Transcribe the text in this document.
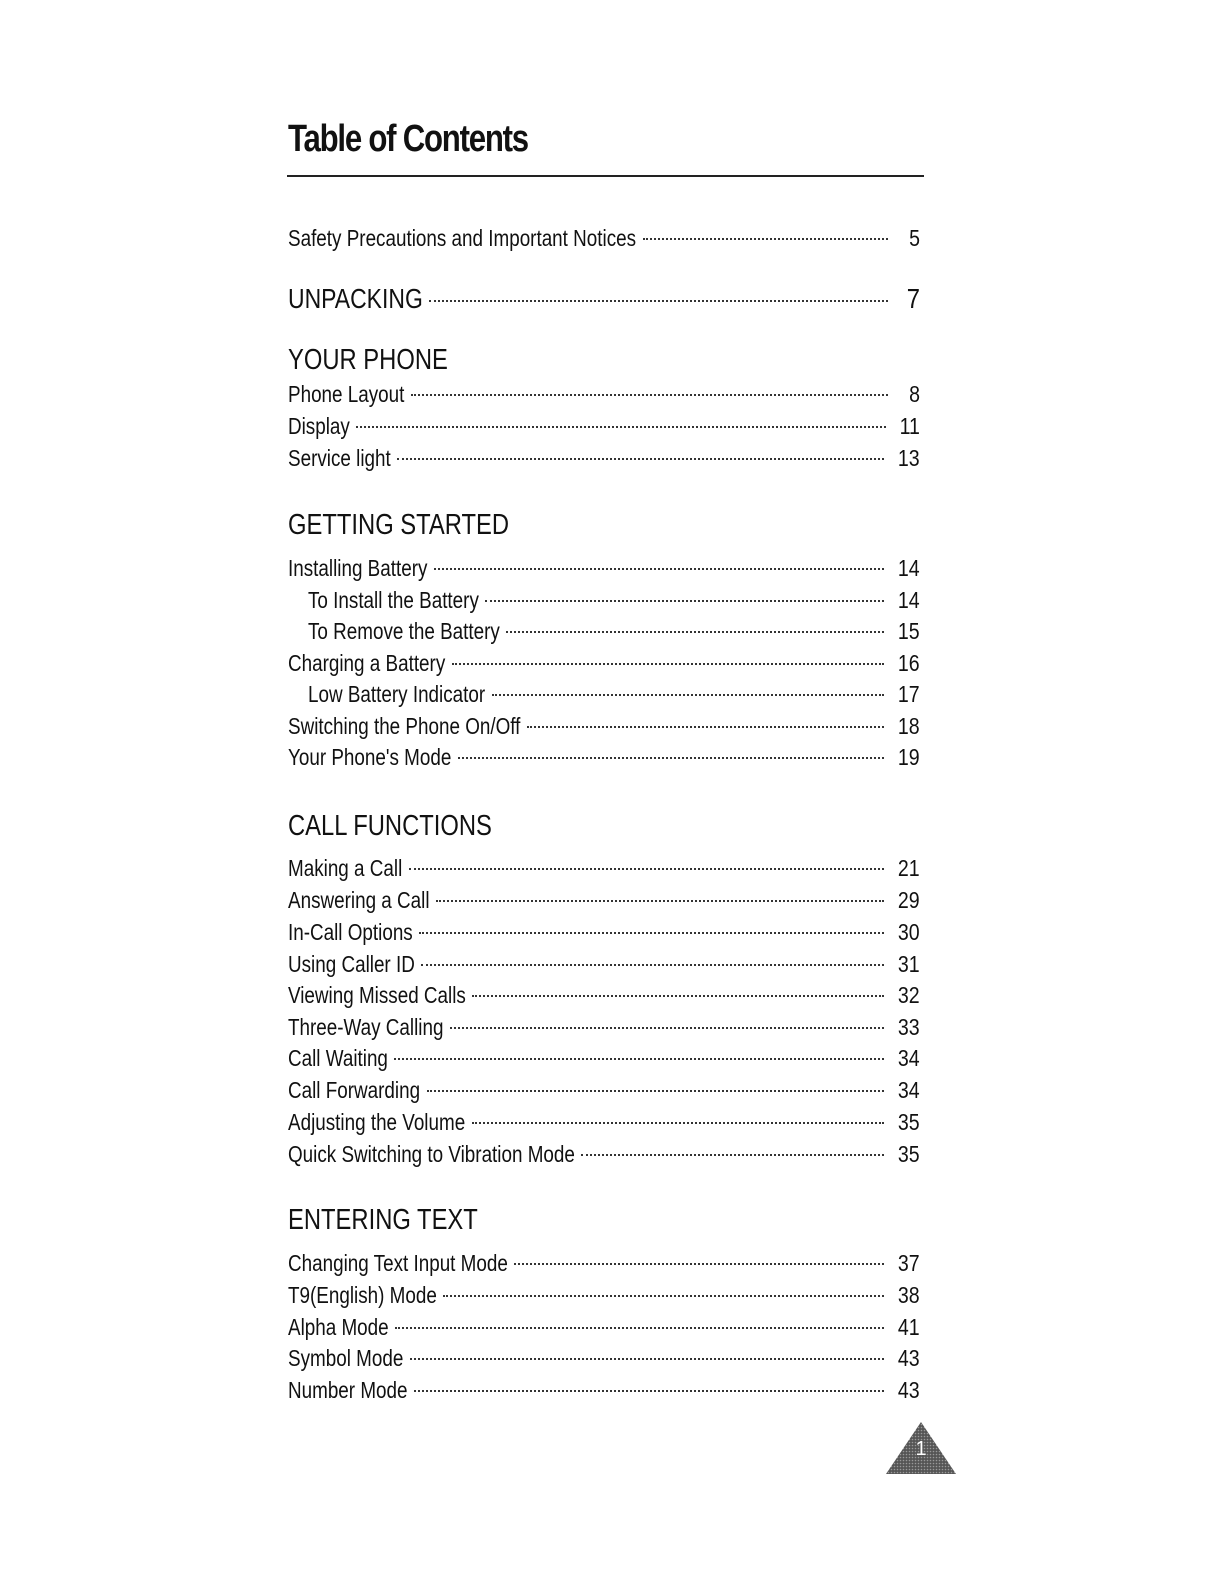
Table of Contents
Safety Precautions and Important Notices	5
UNPACKING	7
YOUR PHONE
Phone Layout	8
Display	11
Service light	13
GETTING STARTED
Installing Battery	14
To Install the Battery	14
To Remove the Battery	15
Charging a Battery	16
Low Battery Indicator	17
Switching the Phone On/Off	18
Your Phone's Mode	19
CALL FUNCTIONS
Making a Call	21
Answering a Call	29
In-Call Options	30
Using Caller ID	31
Viewing Missed Calls	32
Three-Way Calling	33
Call Waiting	34
Call Forwarding	34
Adjusting the Volume	35
Quick Switching to Vibration Mode	35
ENTERING TEXT
Changing Text Input Mode	37
T9(English) Mode	38
Alpha Mode	41
Symbol Mode	43
Number Mode	43
1
